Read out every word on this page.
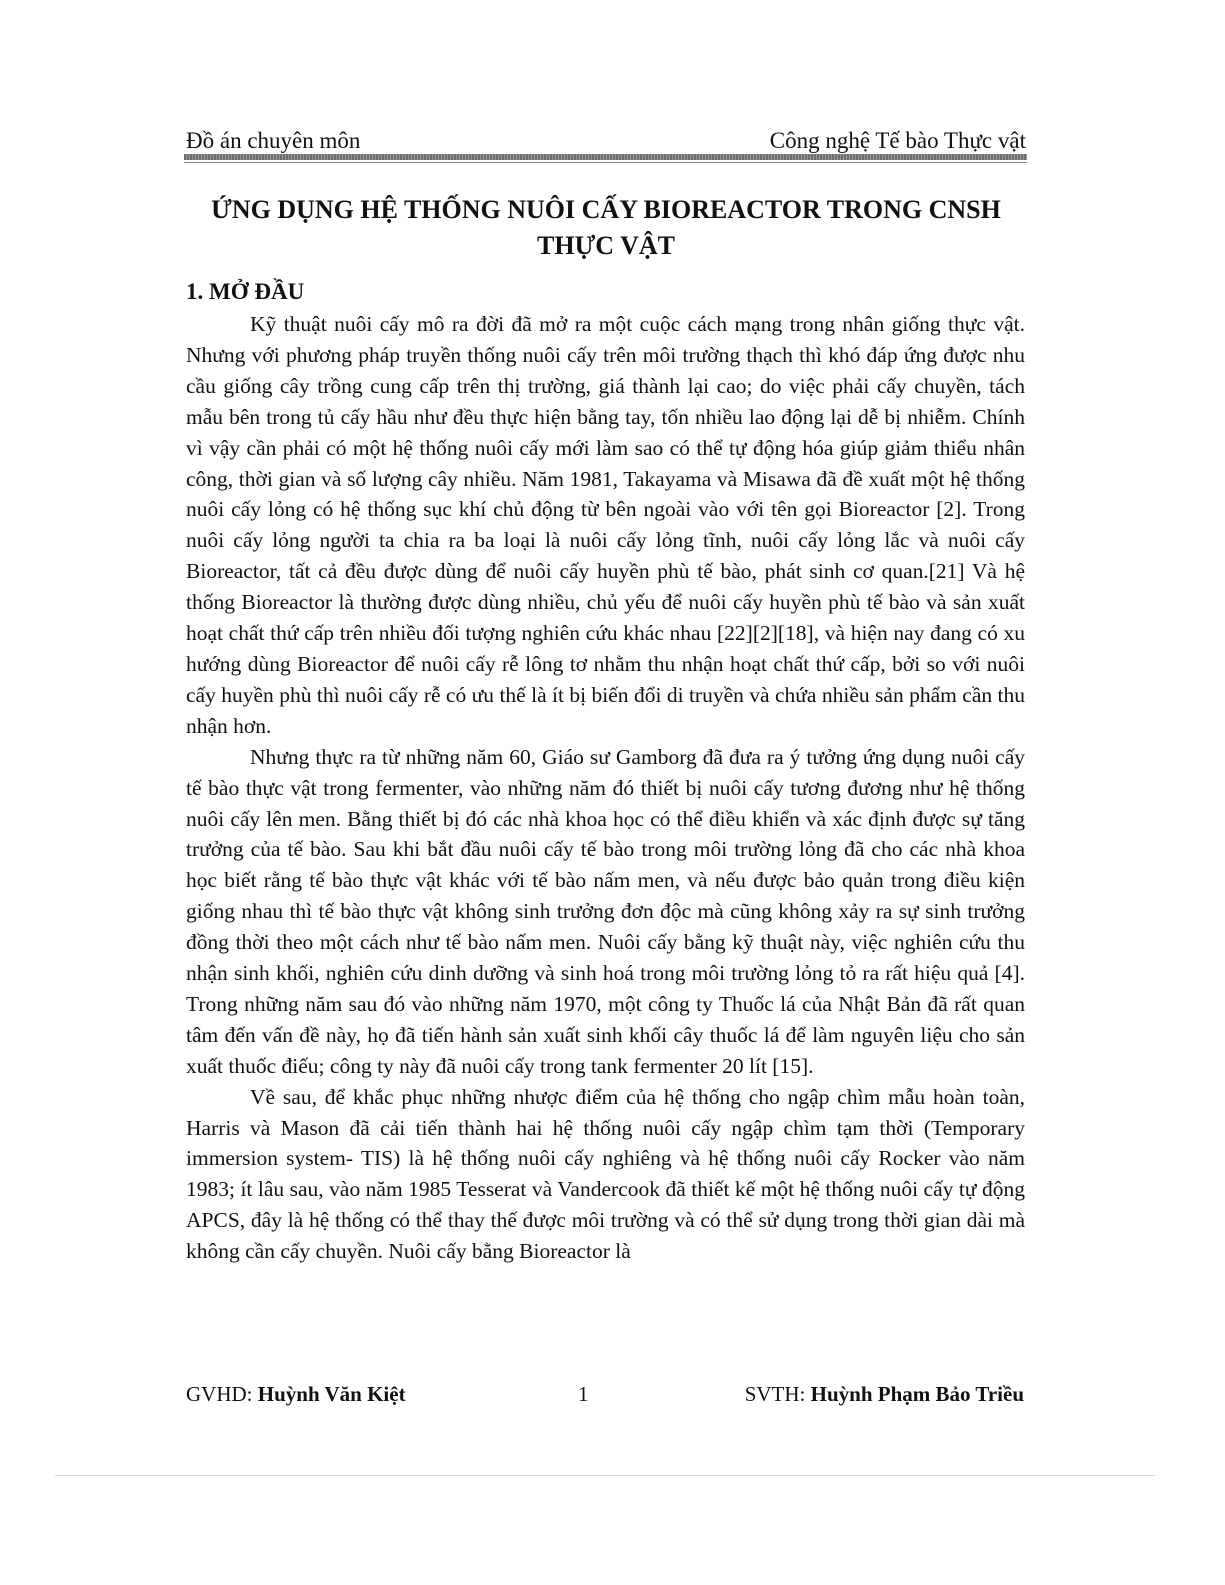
Đồ án chuyên môn	Công nghệ Tế bào Thực vật
ỨNG DỤNG HỆ THỐNG NUÔI CẤY BIOREACTOR TRONG CNSH
THỰC VẬT
1. MỞ ĐẦU

Kỹ thuật nuôi cấy mô ra đời đã mở ra một cuộc cách mạng trong nhân giống thực vật. Nhưng với phương pháp truyền thống nuôi cấy trên môi trường thạch thì khó đáp ứng được nhu cầu giống cây trồng cung cấp trên thị trường, giá thành lại cao; do việc phải cấy chuyền, tách mẫu bên trong tủ cấy hầu như đều thực hiện bằng tay, tốn nhiều lao động lại dễ bị nhiễm. Chính vì vậy cần phải có một hệ thống nuôi cấy mới làm sao có thể tự động hóa giúp giảm thiểu nhân công, thời gian và số lượng cây nhiều. Năm 1981, Takayama và Misawa đã đề xuất một hệ thống nuôi cấy lỏng có hệ thống sục khí chủ động từ bên ngoài vào với tên gọi Bioreactor [2]. Trong nuôi cấy lỏng người ta chia ra ba loại là nuôi cấy lỏng tĩnh, nuôi cấy lỏng lắc và nuôi cấy Bioreactor, tất cả đều được dùng để nuôi cấy huyền phù tế bào, phát sinh cơ quan.[21] Và hệ thống Bioreactor là thường được dùng nhiều, chủ yếu để nuôi cấy huyền phù tế bào và sản xuất hoạt chất thứ cấp trên nhiều đối tượng nghiên cứu khác nhau [22][2][18], và hiện nay đang có xu hướng dùng Bioreactor để nuôi cấy rễ lông tơ nhằm thu nhận hoạt chất thứ cấp, bởi so với nuôi cấy huyền phù thì nuôi cấy rễ có ưu thế là ít bị biến đổi di truyền và chứa nhiều sản phẩm cần thu nhận hơn.

Nhưng thực ra từ những năm 60, Giáo sư Gamborg đã đưa ra ý tưởng ứng dụng nuôi cấy tế bào thực vật trong fermenter, vào những năm đó thiết bị nuôi cấy tương đương như hệ thống nuôi cấy lên men. Bằng thiết bị đó các nhà khoa học có thể điều khiển và xác định được sự tăng trưởng của tế bào. Sau khi bắt đầu nuôi cấy tế bào trong môi trường lỏng đã cho các nhà khoa học biết rằng tế bào thực vật khác với tế bào nấm men, và nếu được bảo quản trong điều kiện giống nhau thì tế bào thực vật không sinh trưởng đơn độc mà cũng không xảy ra sự sinh trưởng đồng thời theo một cách như tế bào nấm men. Nuôi cấy bằng kỹ thuật này, việc nghiên cứu thu nhận sinh khối, nghiên cứu dinh dưỡng và sinh hoá trong môi trường lỏng tỏ ra rất hiệu quả [4]. Trong những năm sau đó vào những năm 1970, một công ty Thuốc lá của Nhật Bản đã rất quan tâm đến vấn đề này, họ đã tiến hành sản xuất sinh khối cây thuốc lá để làm nguyên liệu cho sản xuất thuốc điếu; công ty này đã nuôi cấy trong tank fermenter 20 lít [15].

Về sau, để khắc phục những nhược điểm của hệ thống cho ngập chìm mẫu hoàn toàn, Harris và Mason đã cải tiến thành hai hệ thống nuôi cấy ngập chìm tạm thời (Temporary immersion system- TIS) là hệ thống nuôi cấy nghiêng và hệ thống nuôi cấy Rocker vào năm 1983; ít lâu sau, vào năm 1985 Tesserat và Vandercook đã thiết kế một hệ thống nuôi cấy tự động APCS, đây là hệ thống có thể thay thế được môi trường và có thể sử dụng trong thời gian dài mà không cần cấy chuyền. Nuôi cấy bằng Bioreactor là

GVHD: Huỳnh Văn Kiệt	1	SVTH: Huỳnh Phạm Bảo Triều
